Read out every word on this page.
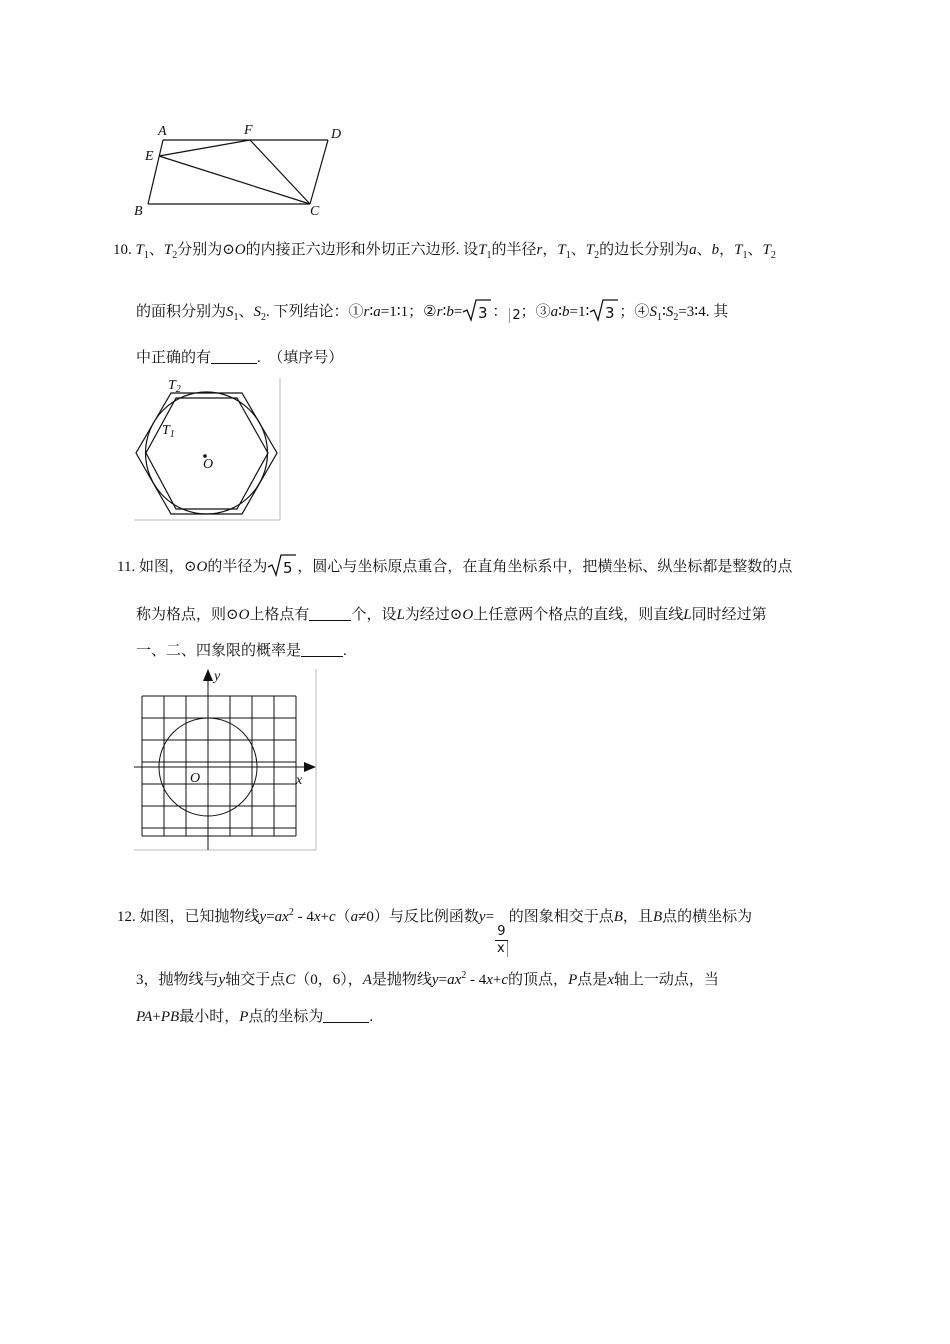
A	F	D
E
B	C
10. $T_1$、$T_2$分别为⊙O的内接正六边形和外切正六边形. 设$T_1$的半径r，$T_1$、$T_2$的边长分别为a、b，$T_1$、$T_2$
的面积分别为$S_1$、$S_2$. 下列结论：①r∶a=1∶1；②r∶b= 3 ： 2；③a∶b=1∶ 3 ；$④S_1∶S_2=3∶4$. 其
中正确的有	. （填序号）
$T_2$
$T_1$
O
11. 如图，⊙O的半径为 5 ，圆心与坐标原点重合，在直角坐标系中，把横坐标、纵坐标都是整数的点
称为格点，则⊙O上格点有	个，设L为经过⊙O上任意两个格点的直线，则直线L同时经过第
一、二、四象限的概率是	.
y
x
O
12. 如图，已知抛物线$y=ax^2 - 4x+c(a\ne 0)$与反比例函数y=
$\frac{9}{x}$
的图象相交于点B，且B点的横坐标为
3，抛物线与y轴交于点C（0，6），A是抛物线$y=ax^2 - 4x+c$的顶点，P点是x轴上一动点，当
PA+PB最小时，P点的坐标为	.
